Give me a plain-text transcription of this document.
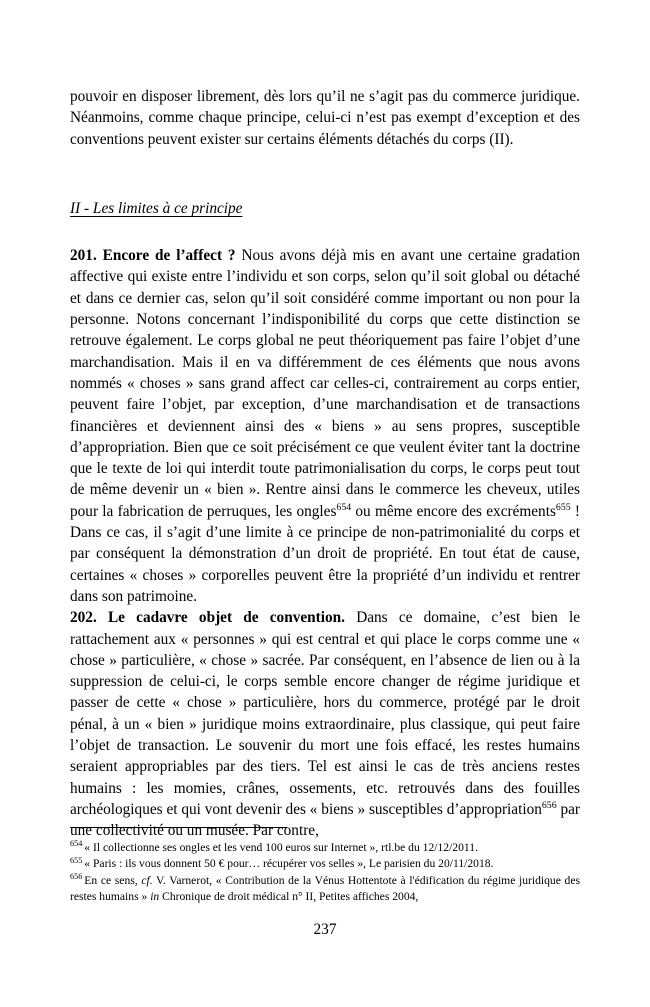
pouvoir en disposer librement, dès lors qu’il ne s’agit pas du commerce juridique. Néanmoins, comme chaque principe, celui-ci n’est pas exempt d’exception et des conventions peuvent exister sur certains éléments détachés du corps (II).

II - Les limites à ce principe

201. Encore de l’affect ? Nous avons déjà mis en avant une certaine gradation affective qui existe entre l’individu et son corps, selon qu’il soit global ou détaché et dans ce dernier cas, selon qu’il soit considéré comme important ou non pour la personne. Notons concernant l’indisponibilité du corps que cette distinction se retrouve également. Le corps global ne peut théoriquement pas faire l’objet d’une marchandisation. Mais il en va différemment de ces éléments que nous avons nommés « choses » sans grand affect car celles-ci, contrairement au corps entier, peuvent faire l’objet, par exception, d’une marchandisation et de transactions financières et deviennent ainsi des « biens » au sens propres, susceptible d’appropriation. Bien que ce soit précisément ce que veulent éviter tant la doctrine que le texte de loi qui interdit toute patrimonialisation du corps, le corps peut tout de même devenir un « bien ». Rentre ainsi dans le commerce les cheveux, utiles pour la fabrication de perruques, les ongles$^{654}$ ou même encore des excréments$^{655}$ ! Dans ce cas, il s’agit d’une limite à ce principe de non-patrimonialité du corps et par conséquent la démonstration d’un droit de propriété. En tout état de cause, certaines « choses » corporelles peuvent être la propriété d’un individu et rentrer dans son patrimoine.

202. Le cadavre objet de convention. Dans ce domaine, c’est bien le rattachement aux « personnes » qui est central et qui place le corps comme une « chose » particulière, « chose » sacrée. Par conséquent, en l’absence de lien ou à la suppression de celui-ci, le corps semble encore changer de régime juridique et passer de cette « chose » particulière, hors du commerce, protégé par le droit pénal, à un « bien » juridique moins extraordinaire, plus classique, qui peut faire l’objet de transaction. Le souvenir du mort une fois effacé, les restes humains seraient appropriables par des tiers. Tel est ainsi le cas de très anciens restes humains : les momies, crânes, ossements, etc. retrouvés dans des fouilles archéologiques et qui vont devenir des « biens » susceptibles d’appropriation$^{656}$ par une collectivité ou un musée. Par contre,

$^{654}$ « Il collectionne ses ongles et les vend 100 euros sur Internet », rtl.be du 12/12/2011.

$^{655}$ « Paris : ils vous donnent 50 € pour… récupérer vos selles », Le parisien du 20/11/2018.

$^{656}$ En ce sens, cf. V. Varnerot, « Contribution de la Vénus Hottentote à l'édification du régime juridique des restes humains » in Chronique de droit médical n° II, Petites affiches 2004,

237
